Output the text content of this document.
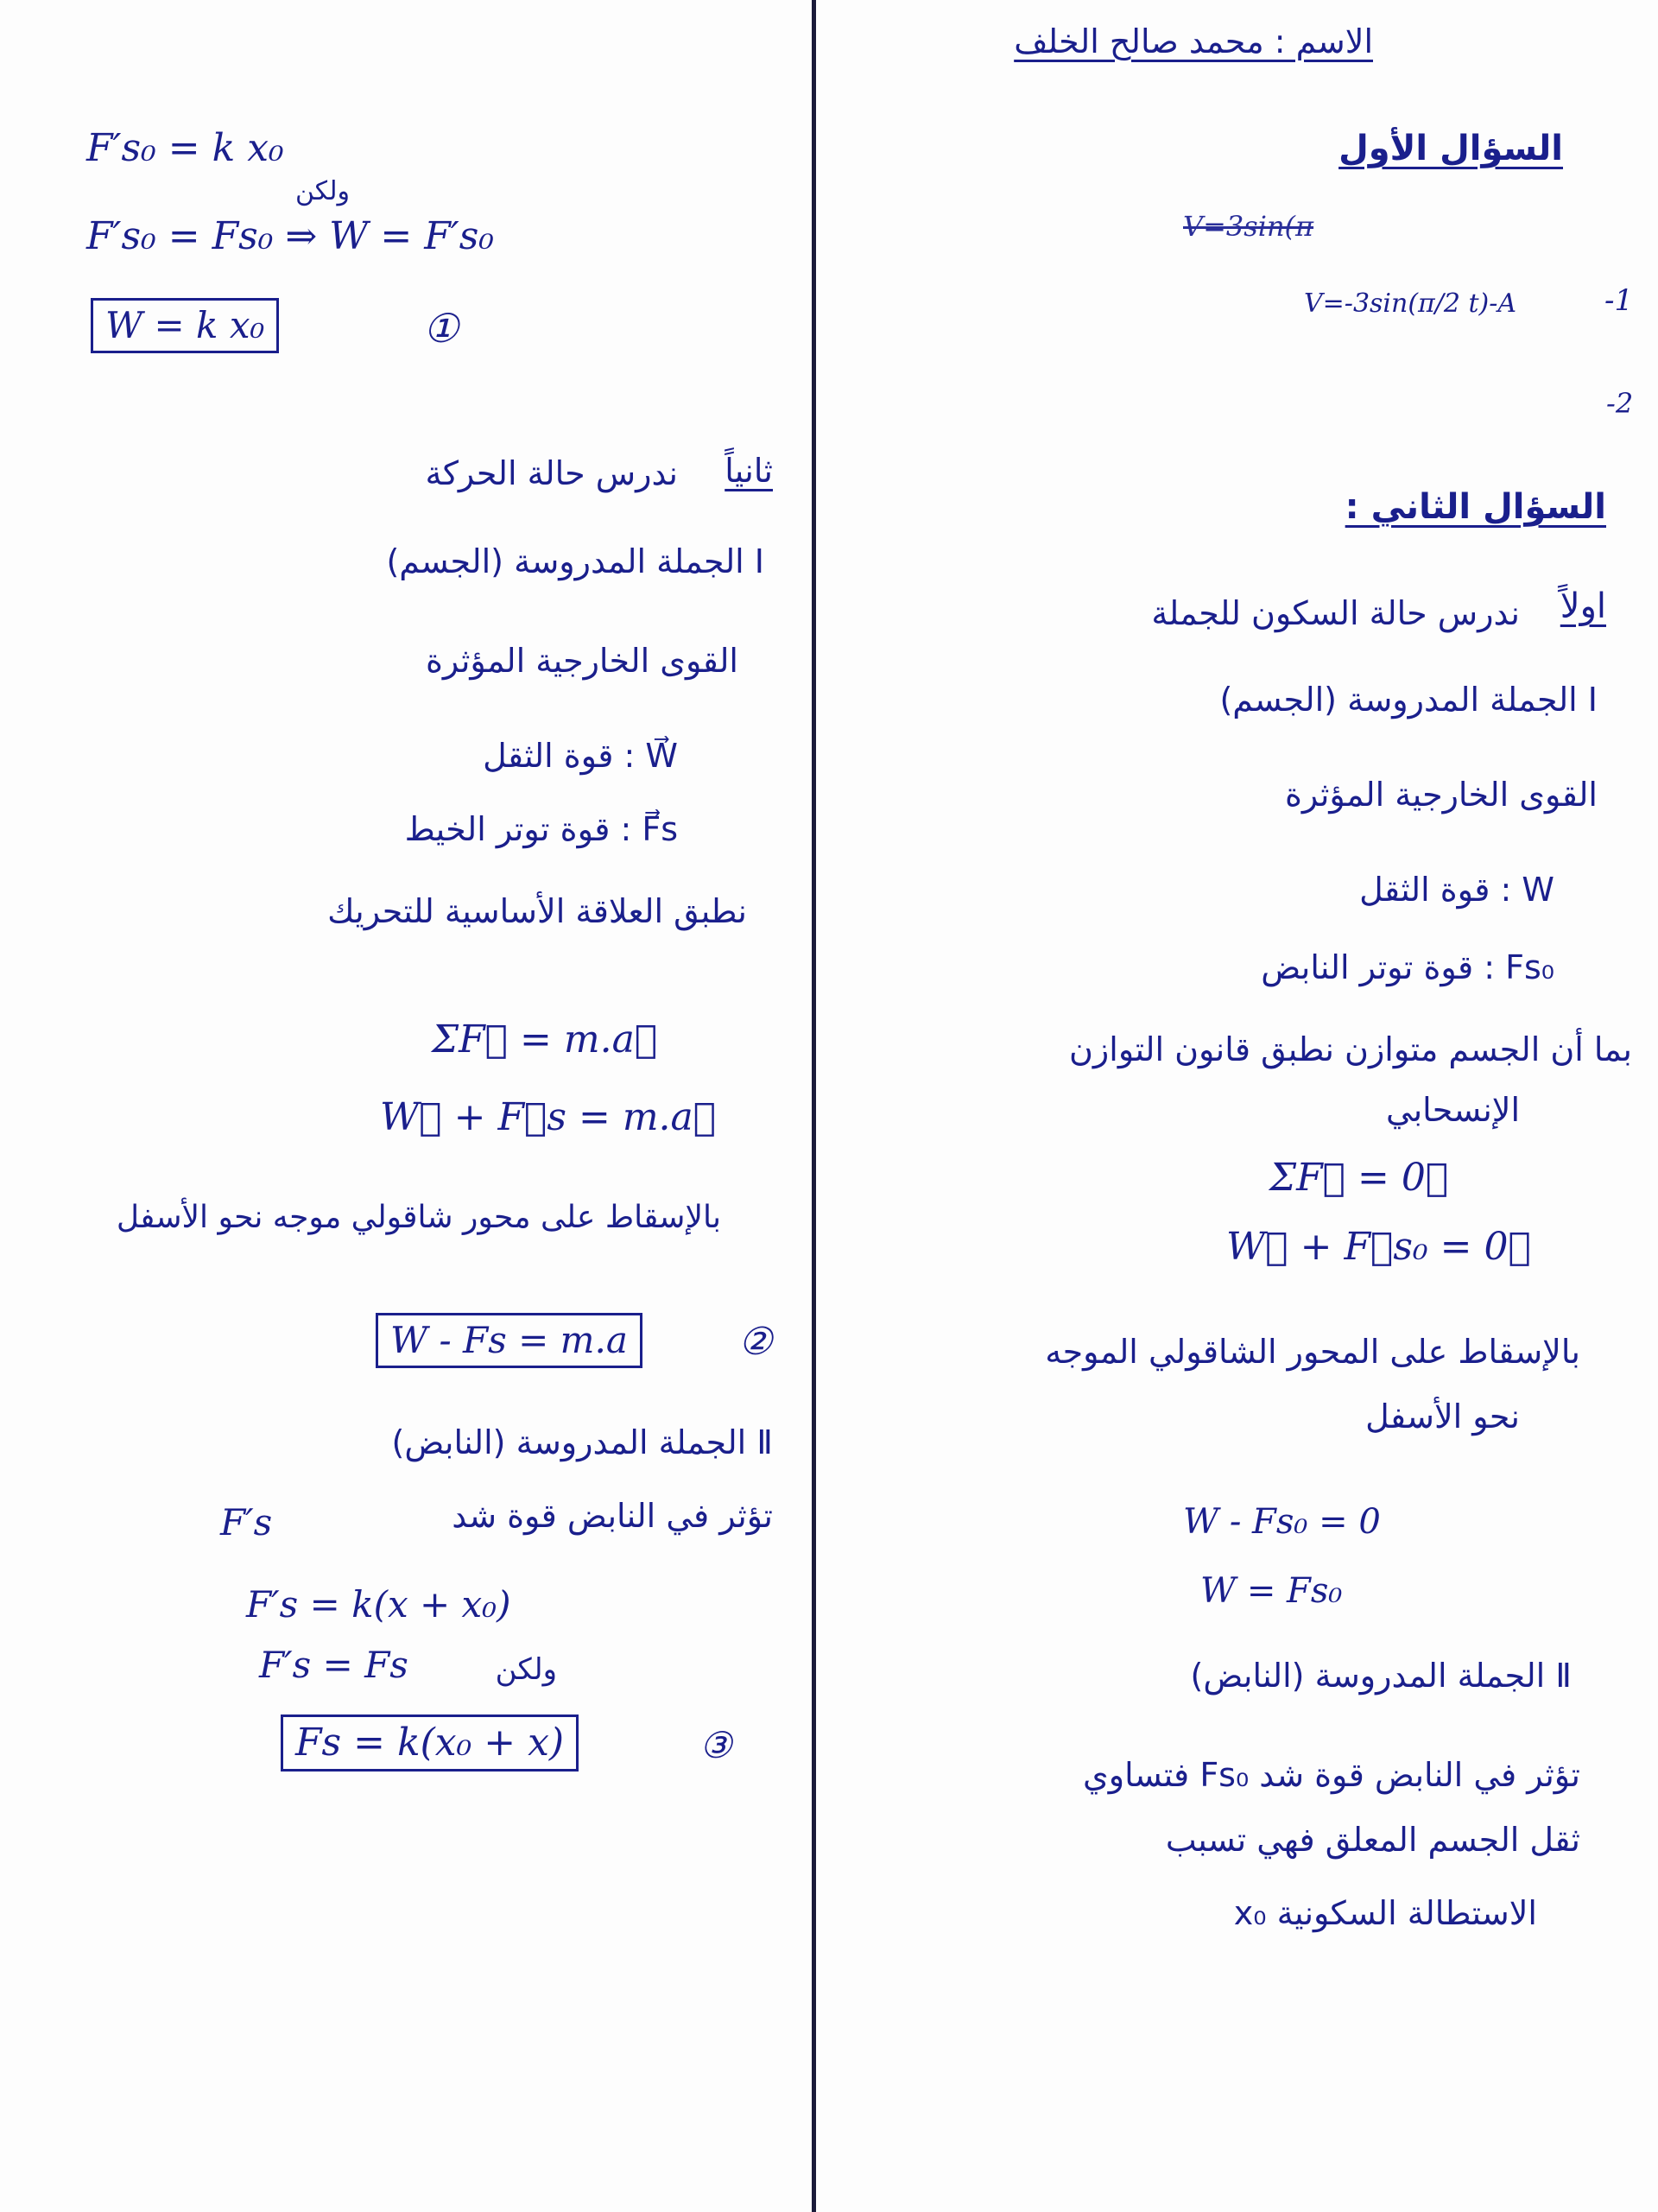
الاسم : محمد صالح الخلف
السؤال الأول
V=3sin(π
V=-3sin(π/2 t)-A	-1
-2
السؤال الثاني :
اولاً
ندرس حالة السكون للجملة
Ⅰ الجملة المدروسة (الجسم)
القوى الخارجية المؤثرة
W : قوة الثقل
Fs₀ : قوة توتر النابض
بما أن الجسم متوازن نطبق قانون التوازن
الإنسحابي
ΣF⃗ = 0⃗
W⃗ + F⃗s₀ = 0⃗
بالإسقاط على المحور الشاقولي الموجه
نحو الأسفل
W - Fs₀ = 0
W = Fs₀
Ⅱ الجملة المدروسة (النابض)
تؤثر في النابض قوة شد Fs₀ فتساوي
ثقل الجسم المعلق فهي تسبب
الاستطالة السكونية x₀
F′s₀ = k x₀
ولكن
F′s₀ = Fs₀ ⇒ W = F′s₀
W = k x₀	①
ثانياً
ندرس حالة الحركة
Ⅰ الجملة المدروسة (الجسم)
القوى الخارجية المؤثرة
W⃗ : قوة الثقل
F⃗s : قوة توتر الخيط
نطبق العلاقة الأساسية للتحريك
ΣF⃗ = m.a⃗
W⃗ + F⃗s = m.a⃗
بالإسقاط على محور شاقولي موجه نحو الأسفل
W - Fs = m.a	②
Ⅱ الجملة المدروسة (النابض)
تؤثر في النابض قوة شد
F′s
F′s = k(x + x₀)
F′s = Fs	ولكن
Fs = k(x₀ + x)	③
